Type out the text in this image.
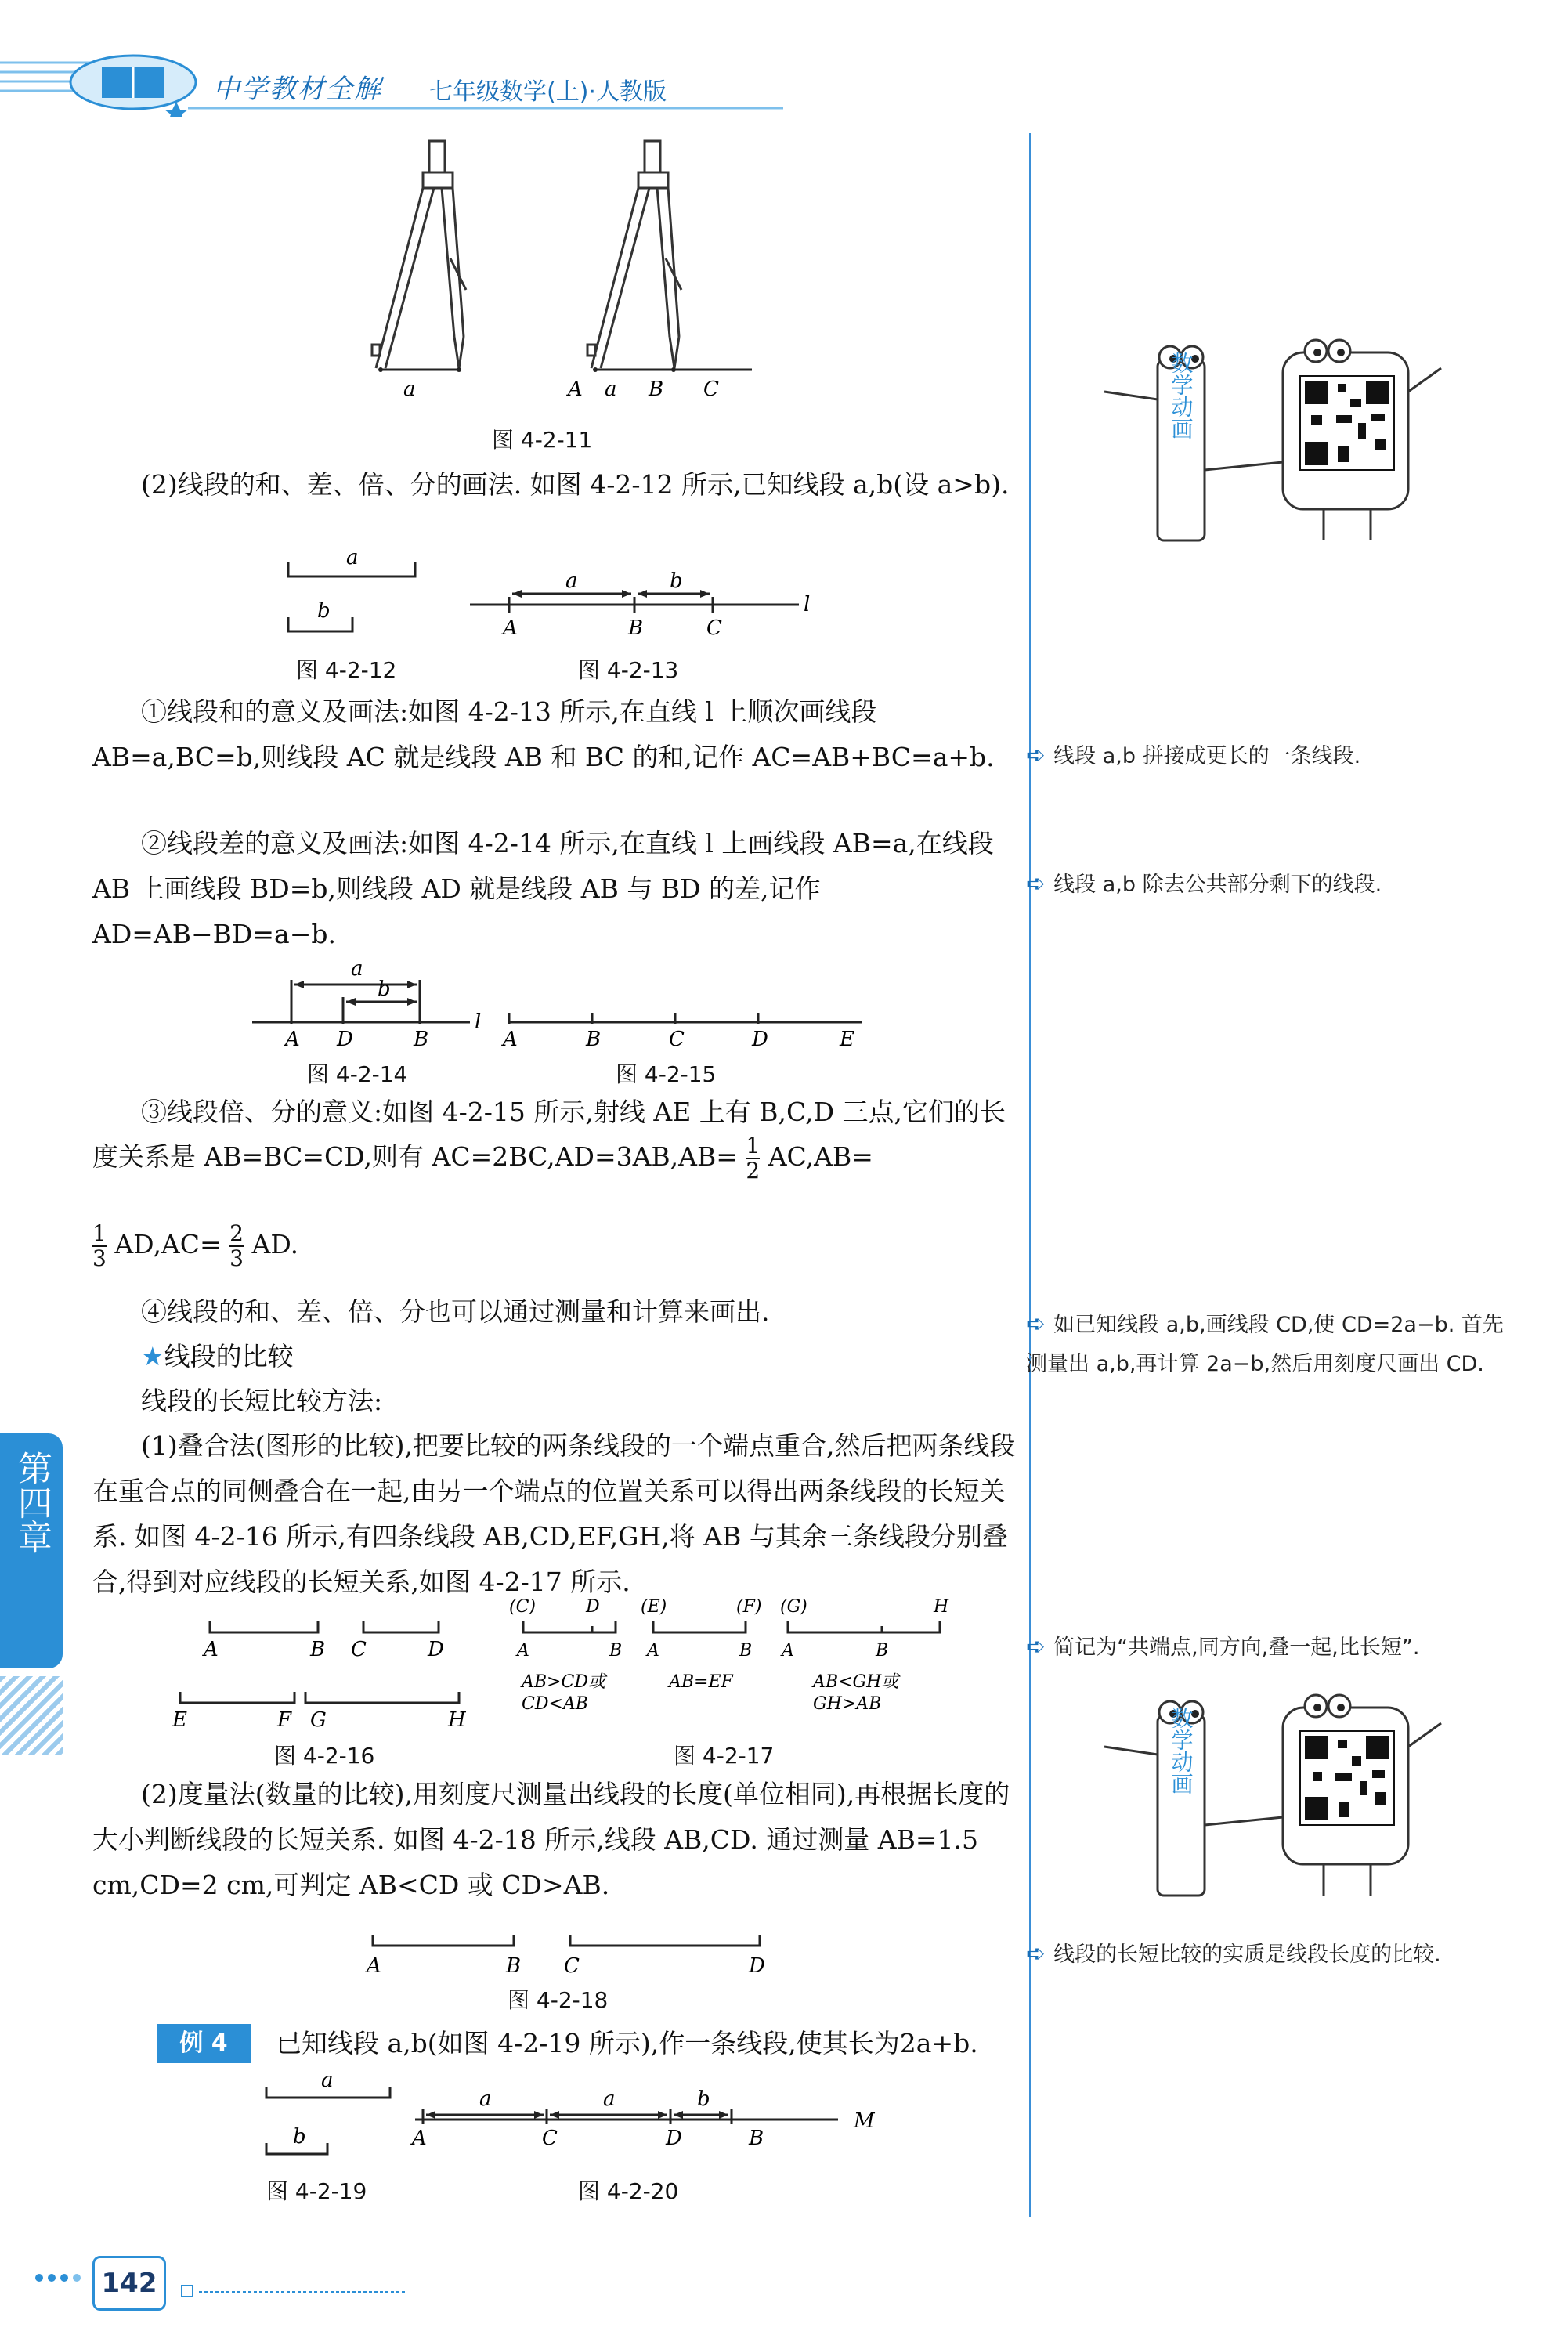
中学教材全解 七年级数学(上)·人教版
a	A a B C
图 4-2-11
(2)线段的和、差、倍、分的画法. 如图 4-2-12 所示,已知线段 a,b(设 a>b).
a
b
a	b
A	B	C
l
图 4-2-12	图 4-2-13
①线段和的意义及画法:如图 4-2-13 所示,在直线 l 上顺次画线段 AB=a,BC=b,则线段 AC 就是线段 AB 和 BC 的和,记作 AC=AB+BC=a+b.
②线段差的意义及画法:如图 4-2-14 所示,在直线 l 上画线段 AB=a,在线段 AB 上画线段 BD=b,则线段 AD 就是线段 AB 与 BD 的差,记作 AD=AB−BD=a−b.
a
b
A D	B
l
A	B	C	D	E
图 4-2-14	图 4-2-15
③线段倍、分的意义:如图 4-2-15 所示,射线 AE 上有 B,C,D 三点,它们的长度关系是 AB=BC=CD,则有 $AC=2BC,AD=3AB,AB= \frac{1}{2} AC,AB=$
$\frac{1}{3} AD,AC= \frac{2}{3}$ AD.
④线段的和、差、倍、分也可以通过测量和计算来画出.
★线段的比较
线段的长短比较方法:
(1)叠合法(图形的比较),把要比较的两条线段的一个端点重合,然后把两条线段在重合点的同侧叠合在一起,由另一个端点的位置关系可以得出两条线段的长短关系. 如图 4-2-16 所示,有四条线段 AB,CD,EF,GH,将 AB 与其余三条线段分别叠合,得到对应线段的长短关系,如图 4-2-17 所示.
A	B C	D
E	F G	H
(C)	D
A	B
(E)	(F)
A	B
(G)	H
A	B
AB>CD或
CD<AB
AB=EF	AB<GH或
GH>AB
图 4-2-16	图 4-2-17
(2)度量法(数量的比较),用刻度尺测量出线段的长度(单位相同),再根据长度的大小判断线段的长短关系. 如图 4-2-18 所示,线段 AB,CD. 通过测量 AB=1.5 cm,CD=2 cm,可判定 AB<CD 或 CD>AB.
A	B C	D
图 4-2-18
例 4	已知线段 a,b(如图 4-2-19 所示),作一条线段,使其长为2a+b.
a
b
a	a	b
A	C	D	B
M
图 4-2-19	图 4-2-20
数学动画
数学动画
➪ 线段 a,b 拼接成更长的一条线段.
➪ 线段 a,b 除去公共部分剩下的线段.
➪ 如已知线段 a,b,画线段 CD,使 CD=2a−b. 首先测量出 a,b,再计算 2a−b,然后用刻度尺画出 CD.
➪ 简记为“共端点,同方向,叠一起,比长短”.
➪ 线段的长短比较的实质是线段长度的比较.
第四章
142
